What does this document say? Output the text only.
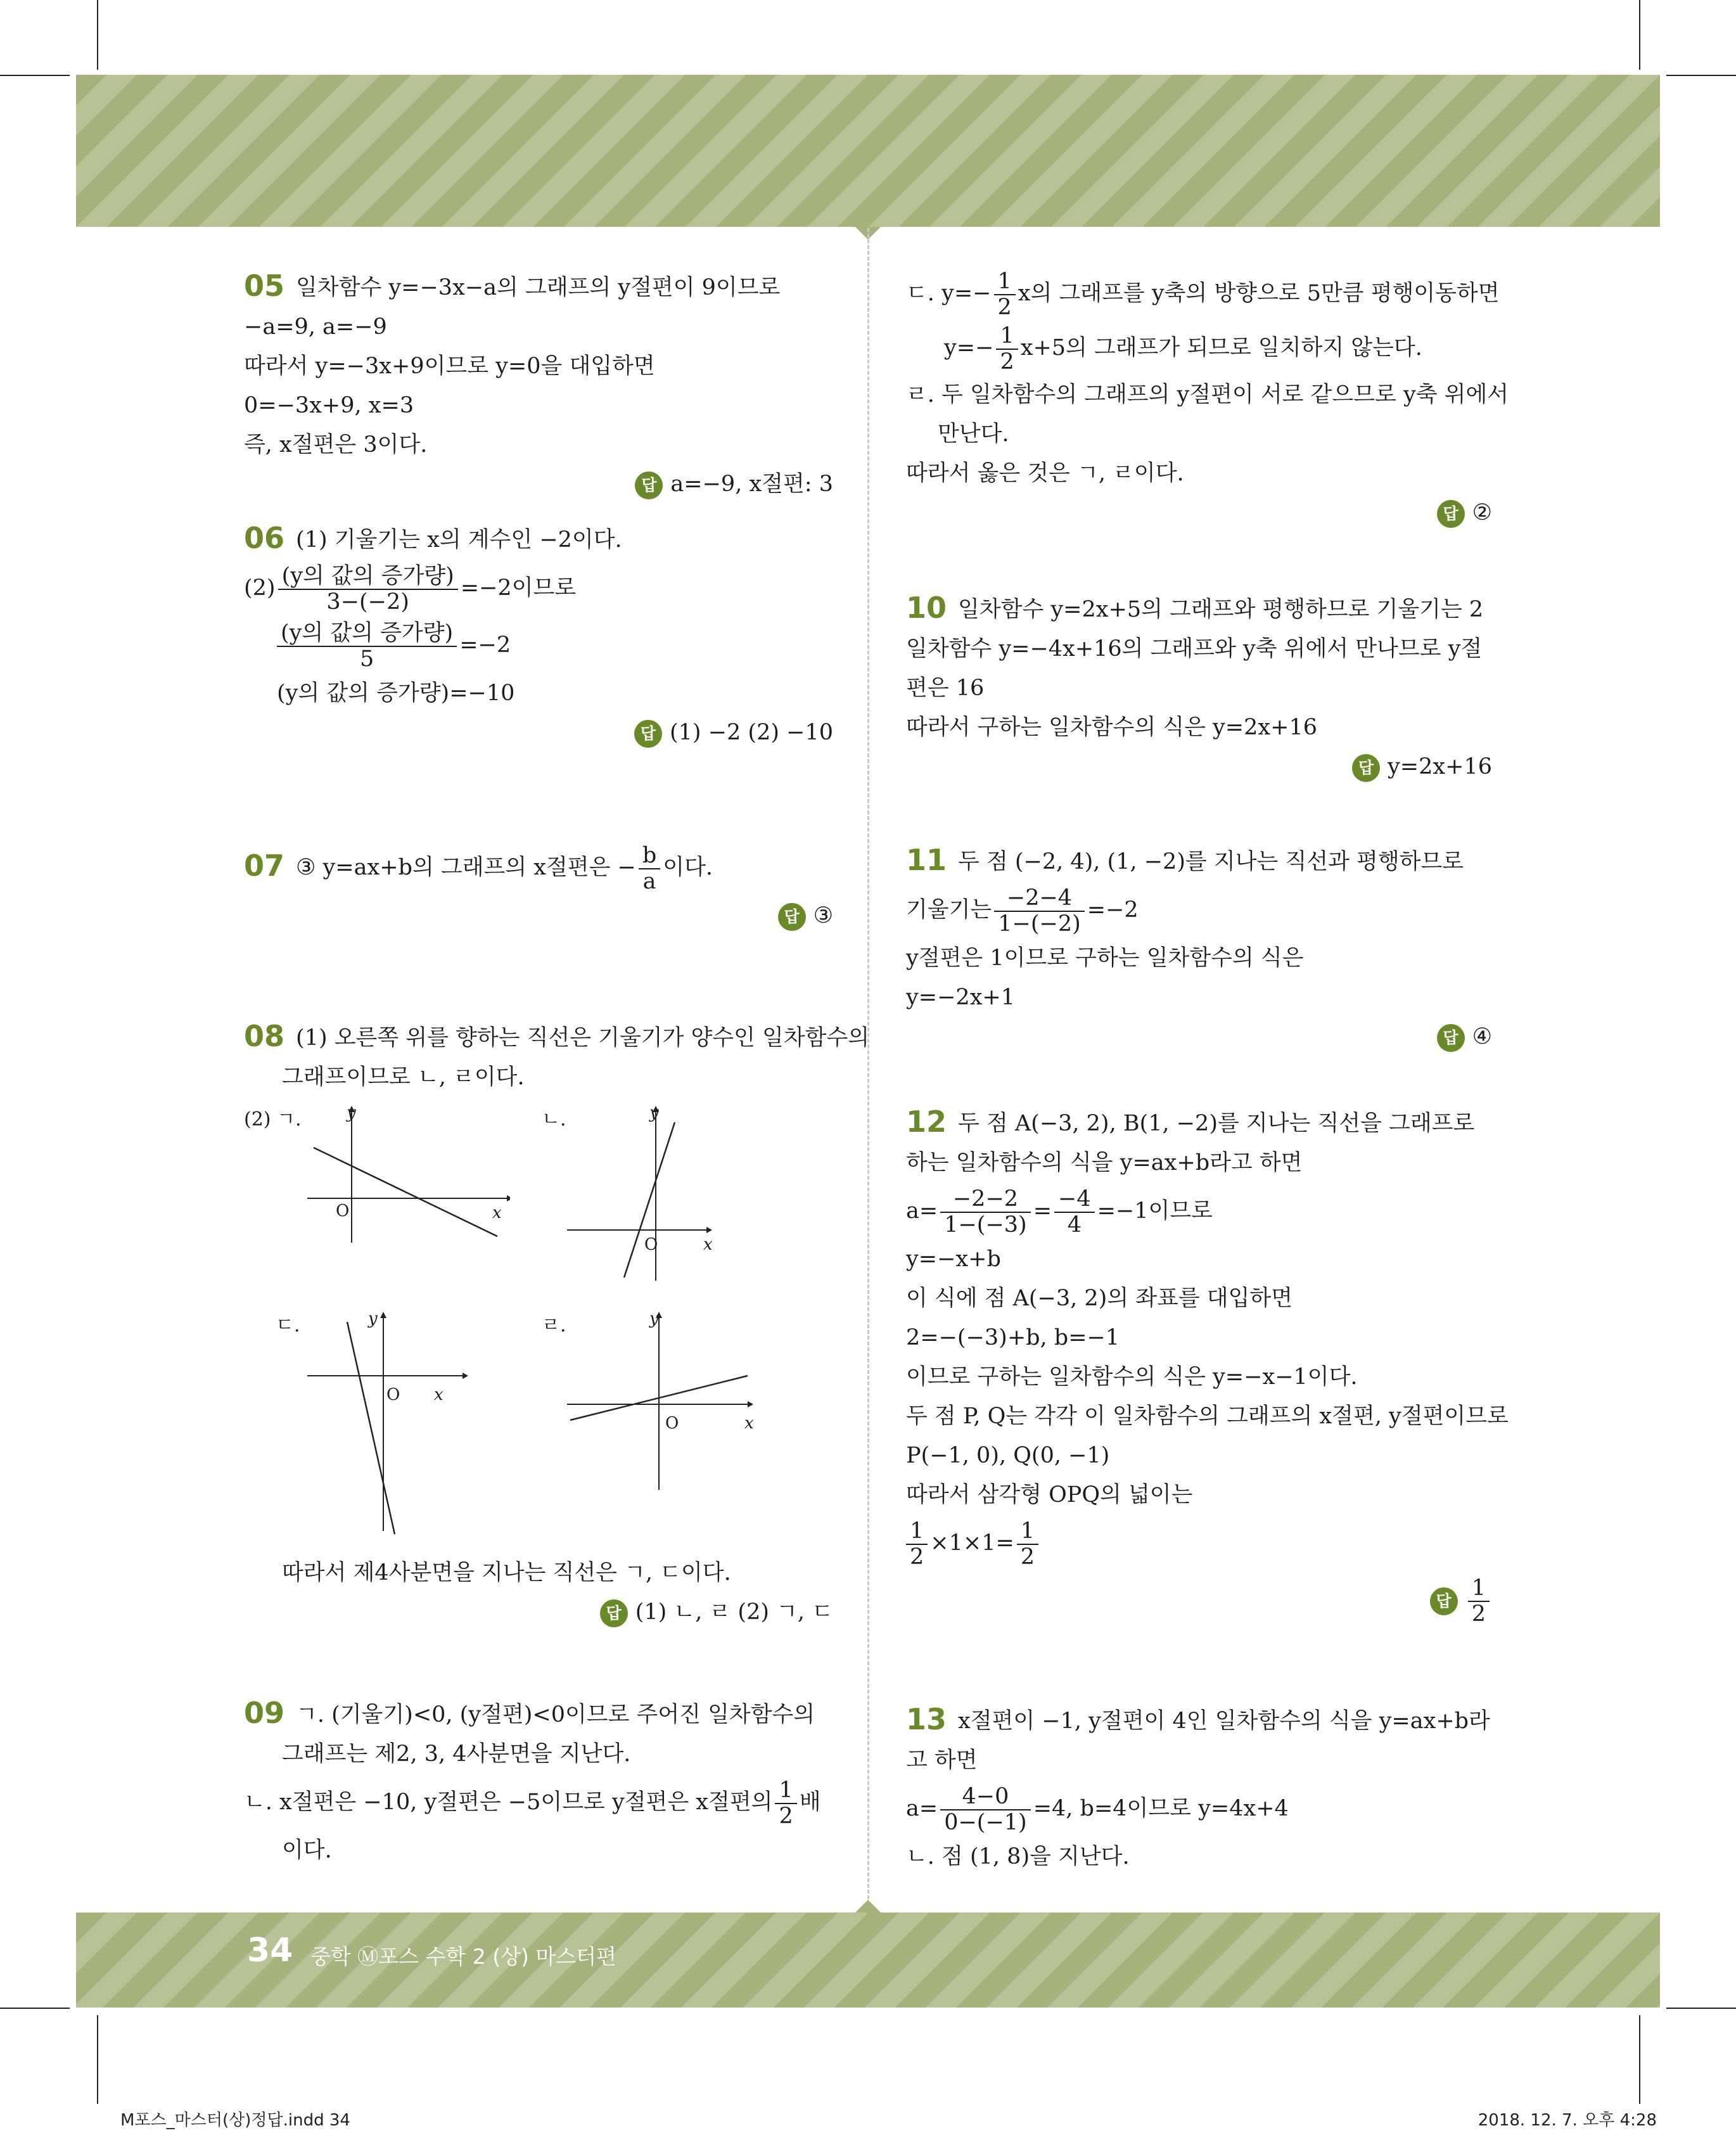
34 중학 Ⓜ포스 수학 2 (상) 마스터편
M포스_마스터(상)정답.indd 34	2018. 12. 7. 오후 4:28
05 일차함수 y=−3x−a의 그래프의 y절편이 9이므로
−a=9, a=−9
따라서 y=−3x+9이므로 y=0을 대입하면
0=−3x+9, x=3
즉, x절편은 3이다.
답 a=−9, x절편: 3
06 (1) 기울기는 x의 계수인 −2이다.
$(2) \frac{\text{(y의 값의 증가량)}}{3-(-2)} =-2$이므로
$\frac{\text{(y의 값의 증가량)}}{5} =-2$
(y의 값의 증가량)=−10
답 (1) −2 (2) −10
07 ③ y=ax+b의 그래프의 x절편은 − $\frac{b}{a}$ 이다.
답 ③
08 (1) 오른쪽 위를 향하는 직선은 기울기가 양수인 일차함수의
그래프이므로 ㄴ, ㄹ이다.
(2) ㄱ.	ㄴ.
ㄷ.	ㄹ.
y
x
O
y
x
O
y
x
O
y
x
O
따라서 제4사분면을 지나는 직선은 ㄱ, ㄷ이다.
답 (1) ㄴ, ㄹ (2) ㄱ, ㄷ
09 ㄱ. (기울기)<0, (y절편)<0이므로 주어진 일차함수의
그래프는 제2, 3, 4사분면을 지난다.
ㄴ. x절편은 −10, y절편은 −5이므로 y절편은 x절편의 $\frac{1}{2}$ 배
이다.
ㄷ. $y=- \frac{1}{2}$ x의 그래프를 y축의 방향으로 5만큼 평행이동하면
$y=- \frac{1}{2} x+5$의 그래프가 되므로 일치하지 않는다.
ㄹ. 두 일차함수의 그래프의 y절편이 서로 같으므로 y축 위에서
만난다.
따라서 옳은 것은 ㄱ, ㄹ이다.
답 ②
10 일차함수 y=2x+5의 그래프와 평행하므로 기울기는 2
일차함수 y=−4x+16의 그래프와 y축 위에서 만나므로 y절
편은 16
따라서 구하는 일차함수의 식은 y=2x+16
답 y=2x+16
11 두 점 (−2, 4), (1, −2)를 지나는 직선과 평행하므로
기울기는 $\frac{-2-4}{1-(-2)} =-2$
y절편은 1이므로 구하는 일차함수의 식은
y=−2x+1
답 ④
12 두 점 A(−3, 2), B(1, −2)를 지나는 직선을 그래프로
하는 일차함수의 식을 y=ax+b라고 하면
$a= \frac{-2-2}{1-(-3)} = \frac{-4}{4} =-1$이므로
y=−x+b
이 식에 점 A(−3, 2)의 좌표를 대입하면
2=−(−3)+b, b=−1
이므로 구하는 일차함수의 식은 y=−x−1이다.
두 점 P, Q는 각각 이 일차함수의 그래프의 x절편, y절편이므로
P(−1, 0), Q(0, −1)
따라서 삼각형 OPQ의 넓이는
$\frac{1}{2} \times 1\times 1= \frac{1}{2}$
답 $\frac{1}{2}$
13 x절편이 −1, y절편이 4인 일차함수의 식을 y=ax+b라
고 하면
$a= \frac{4-0}{0-(-1)} =4$, b=4이므로 y=4x+4
ㄴ. 점 (1, 8)을 지난다.
